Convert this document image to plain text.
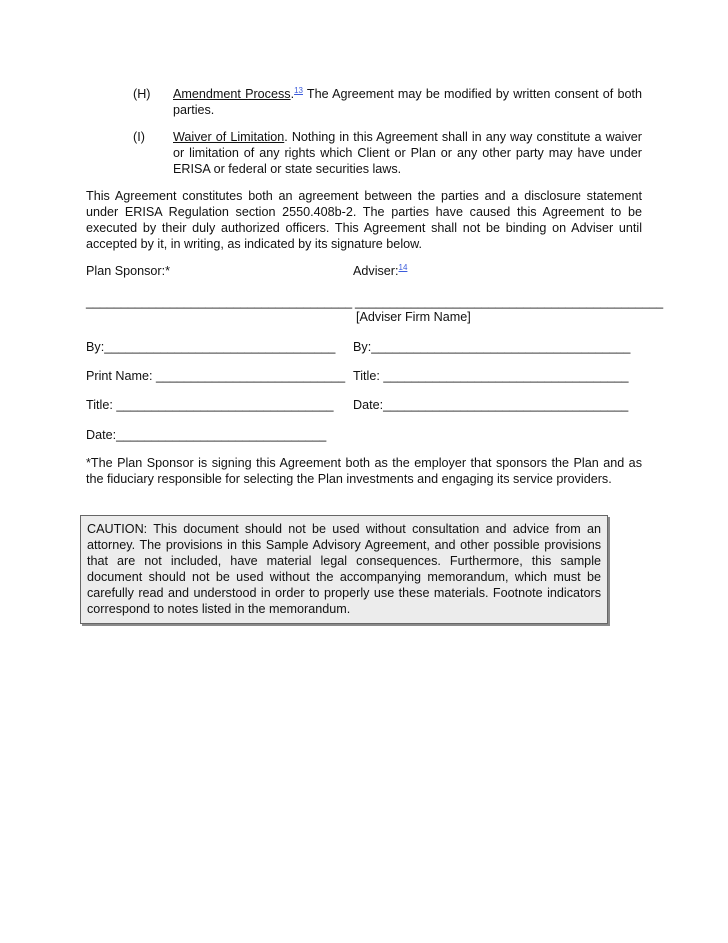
(H) Amendment Process.$^{13}$ The Agreement may be modified by written consent of both parties.
(I) Waiver of Limitation. Nothing in this Agreement shall in any way constitute a waiver or limitation of any rights which Client or Plan or any other party may have under ERISA or federal or state securities laws.
This Agreement constitutes both an agreement between the parties and a disclosure statement under ERISA Regulation section 2550.408b-2. The parties have caused this Agreement to be executed by their duly authorized officers. This Agreement shall not be binding on Adviser until accepted by it, in writing, as indicated by its signature below.
Plan Sponsor:*	Adviser:$^{14}$
______________________________________ ____________________________________________
[Adviser Firm Name]
By:_________________________________ By:_____________________________________
Print Name: ___________________________ Title: ___________________________________
Title: _______________________________ Date:___________________________________
Date:______________________________
*The Plan Sponsor is signing this Agreement both as the employer that sponsors the Plan and as the fiduciary responsible for selecting the Plan investments and engaging its service providers.
CAUTION: This document should not be used without consultation and advice from an attorney. The provisions in this Sample Advisory Agreement, and other possible provisions that are not included, have material legal consequences. Furthermore, this sample document should not be used without the accompanying memorandum, which must be carefully read and understood in order to properly use these materials. Footnote indicators correspond to notes listed in the memorandum.
